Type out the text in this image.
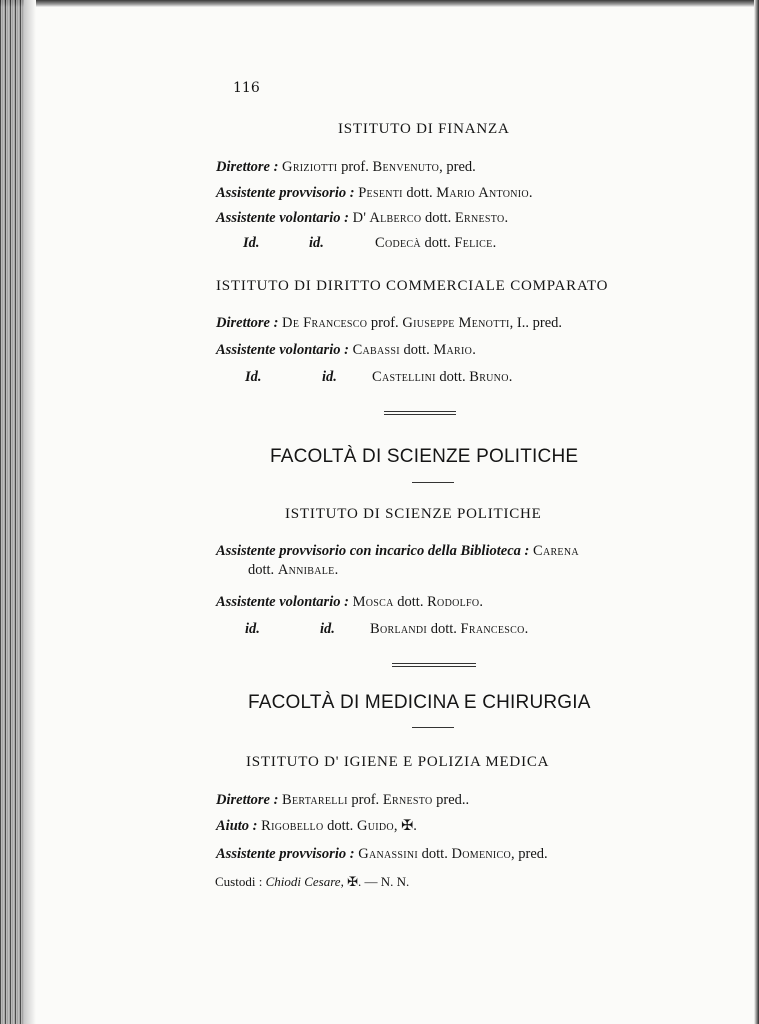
116
ISTITUTO DI FINANZA
Direttore : Griziotti prof. Benvenuto, pred.
Assistente provvisorio : Pesenti dott. Mario Antonio.
Assistente volontario : D' Alberco dott. Ernesto.
Id.	id.	Codecà dott. Felice.
ISTITUTO DI DIRITTO COMMERCIALE COMPARATO
Direttore : De Francesco prof. Giuseppe Menotti, I.. pred.
Assistente volontario : Cabassi dott. Mario.
Id.	id. Castellini dott. Bruno.
FACOLTÀ DI SCIENZE POLITICHE
ISTITUTO DI SCIENZE POLITICHE
Assistente provvisorio con incarico della Biblioteca : Carena
dott. Annibale.
Assistente volontario : Mosca dott. Rodolfo.
id.	id. Borlandi dott. Francesco.
FACOLTÀ DI MEDICINA E CHIRURGIA
ISTITUTO D' IGIENE E POLIZIA MEDICA
Direttore : Bertarelli prof. Ernesto pred..
Aiuto : Rigobello dott. Guido, ✠.
Assistente provvisorio : Ganassini dott. Domenico, pred.
Custodi : Chiodi Cesare, ✠. — N. N.
